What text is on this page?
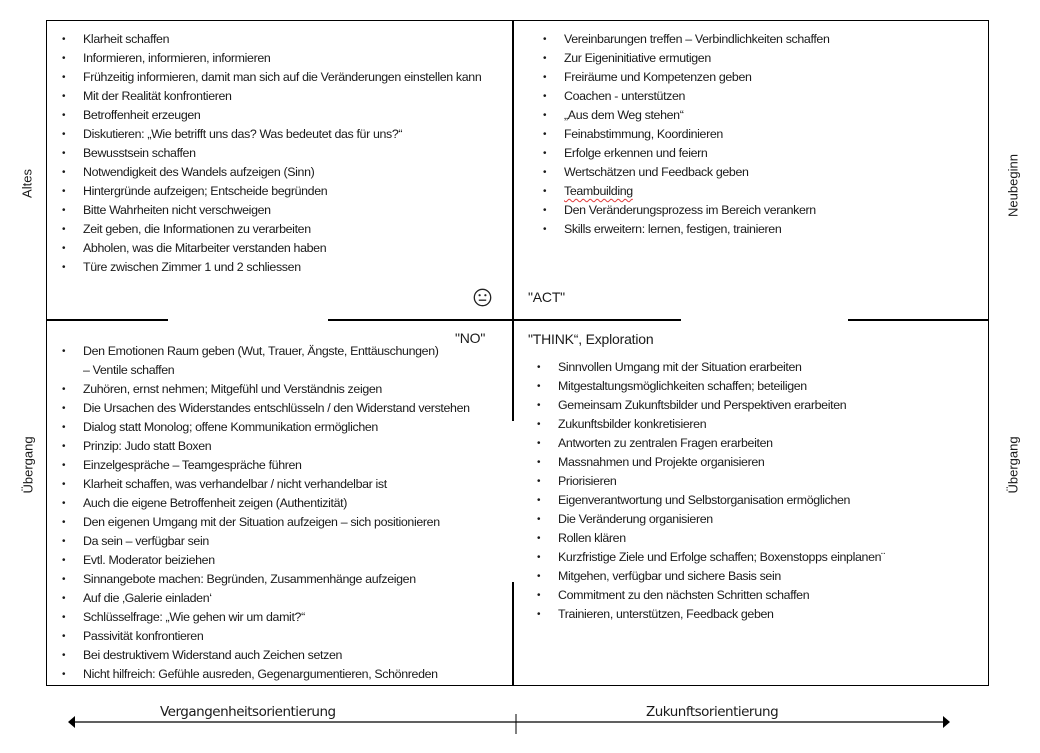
Altes	Neubeginn
Übergang	Übergang
• Klarheit schaffen
• Informieren, informieren, informieren
• Frühzeitig informieren, damit man sich auf die Veränderungen einstellen kann
• Mit der Realität konfrontieren
• Betroffenheit erzeugen
• Diskutieren: „Wie betrifft uns das? Was bedeutet das für uns?“
• Bewusstsein schaffen
• Notwendigkeit des Wandels aufzeigen (Sinn)
• Hintergründe aufzeigen; Entscheide begründen
• Bitte Wahrheiten nicht verschweigen
• Zeit geben, die Informationen zu verarbeiten
• Abholen, was die Mitarbeiter verstanden haben
• Türe zwischen Zimmer 1 und 2 schliessen
• Vereinbarungen treffen – Verbindlichkeiten schaffen
• Zur Eigeninitiative ermutigen
• Freiräume und Kompetenzen geben
• Coachen - unterstützen
• „Aus dem Weg stehen“
• Feinabstimmung, Koordinieren
• Erfolge erkennen und feiern
• Wertschätzen und Feedback geben
• Teambuilding
• Den Veränderungsprozess im Bereich verankern
• Skills erweitern: lernen, festigen, trainieren
"ACT"
"NO"
• Den Emotionen Raum geben (Wut, Trauer, Ängste, Enttäuschungen)
– Ventile schaffen
• Zuhören, ernst nehmen; Mitgefühl und Verständnis zeigen
• Die Ursachen des Widerstandes entschlüsseln / den Widerstand verstehen
• Dialog statt Monolog; offene Kommunikation ermöglichen
• Prinzip: Judo statt Boxen
• Einzelgespräche – Teamgespräche führen
• Klarheit schaffen, was verhandelbar / nicht verhandelbar ist
• Auch die eigene Betroffenheit zeigen (Authentizität)
• Den eigenen Umgang mit der Situation aufzeigen – sich positionieren
• Da sein – verfügbar sein
• Evtl. Moderator beiziehen
• Sinnangebote machen: Begründen, Zusammenhänge aufzeigen
• Auf die ‚Galerie einladen‘
• Schlüsselfrage: „Wie gehen wir um damit?“
• Passivität konfrontieren
• Bei destruktivem Widerstand auch Zeichen setzen
• Nicht hilfreich: Gefühle ausreden, Gegenargumentieren, Schönreden
"THINK“, Exploration
• Sinnvollen Umgang mit der Situation erarbeiten
• Mitgestaltungsmöglichkeiten schaffen; beteiligen
• Gemeinsam Zukunftsbilder und Perspektiven erarbeiten
• Zukunftsbilder konkretisieren
• Antworten zu zentralen Fragen erarbeiten
• Massnahmen und Projekte organisieren
• Priorisieren
• Eigenverantwortung und Selbstorganisation ermöglichen
• Die Veränderung organisieren
• Rollen klären
• Kurzfristige Ziele und Erfolge schaffen; Boxenstopps einplanen¨
• Mitgehen, verfügbar und sichere Basis sein
• Commitment zu den nächsten Schritten schaffen
• Trainieren, unterstützen, Feedback geben
Vergangenheitsorientierung	Zukunftsorientierung
